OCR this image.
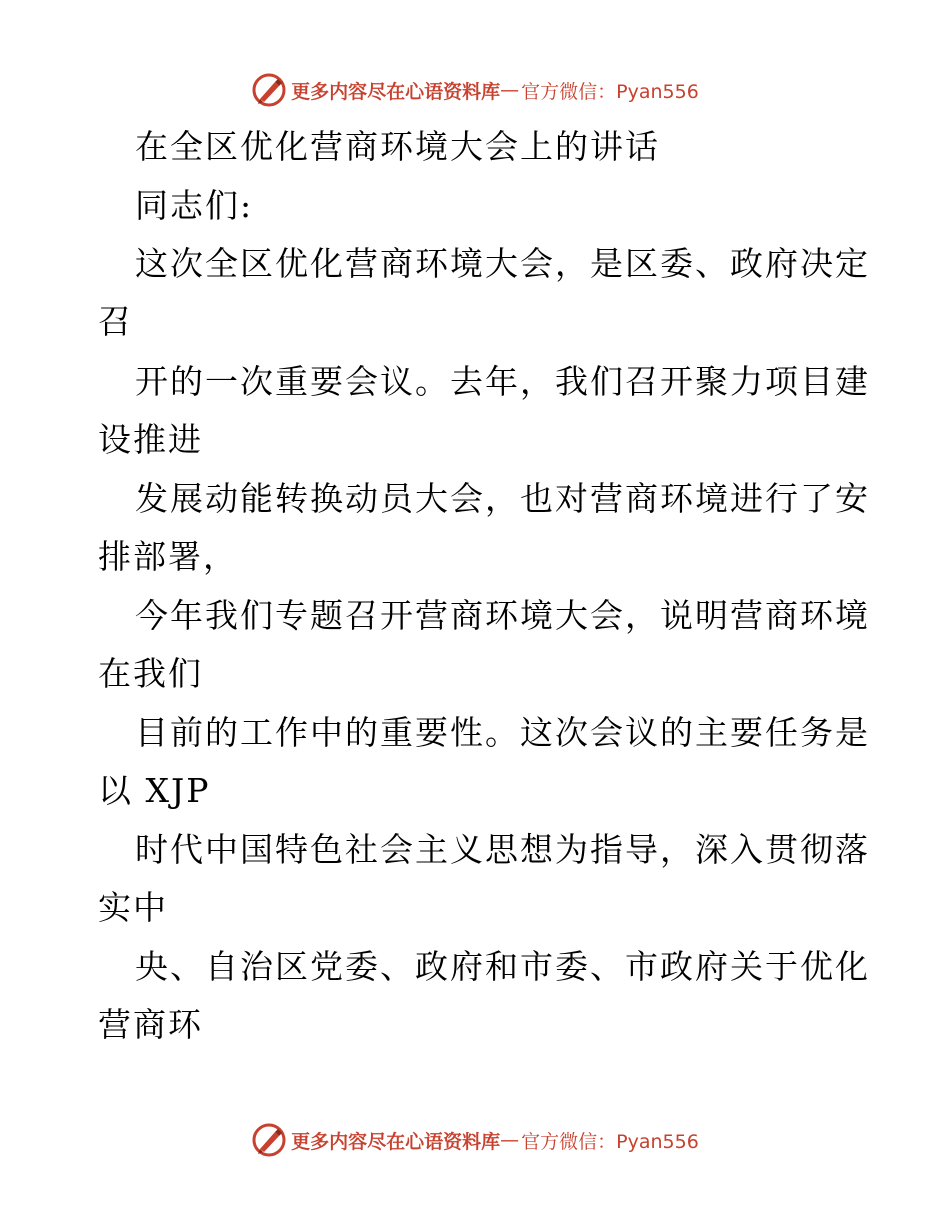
更多内容尽在心语资料库 — 官方微信：Pyan556
在全区优化营商环境大会上的讲话
同志们:
这次全区优化营商环境大会，是区委、政府决定
召
开的一次重要会议。去年，我们召开聚力项目建
设推进
发展动能转换动员大会，也对营商环境进行了安
排部署，
今年我们专题召开营商环境大会，说明营商环境
在我们
目前的工作中的重要性。这次会议的主要任务是
以 XJP
时代中国特色社会主义思想为指导，深入贯彻落
实中
央、自治区党委、政府和市委、市政府关于优化
营商环
更多内容尽在心语资料库 — 官方微信：Pyan556
